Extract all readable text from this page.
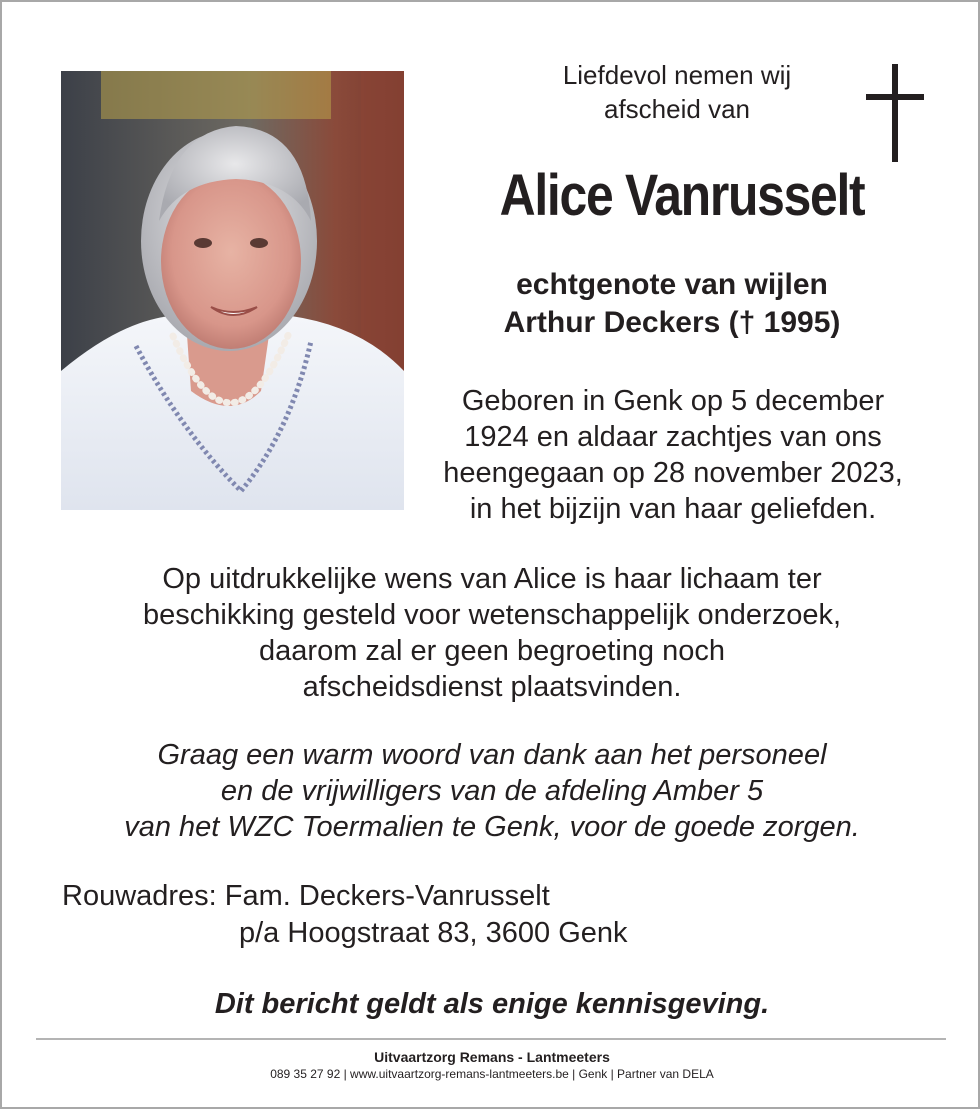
Liefdevol nemen wij
afscheid van
Alice Vanrusselt
echtgenote van wijlen
Arthur Deckers († 1995)
Geboren in Genk op 5 december
1924 en aldaar zachtjes van ons
heengegaan op 28 november 2023,
in het bijzijn van haar geliefden.
Op uitdrukkelijke wens van Alice is haar lichaam ter
beschikking gesteld voor wetenschappelijk onderzoek,
daarom zal er geen begroeting noch
afscheidsdienst plaatsvinden.
Graag een warm woord van dank aan het personeel
en de vrijwilligers van de afdeling Amber 5
van het WZC Toermalien te Genk, voor de goede zorgen.
Rouwadres: Fam. Deckers-Vanrusselt
p/a Hoogstraat 83, 3600 Genk
Dit bericht geldt als enige kennisgeving.
Uitvaartzorg Remans - Lantmeeters
089 35 27 92 | www.uitvaartzorg-remans-lantmeeters.be | Genk | Partner van DELA
